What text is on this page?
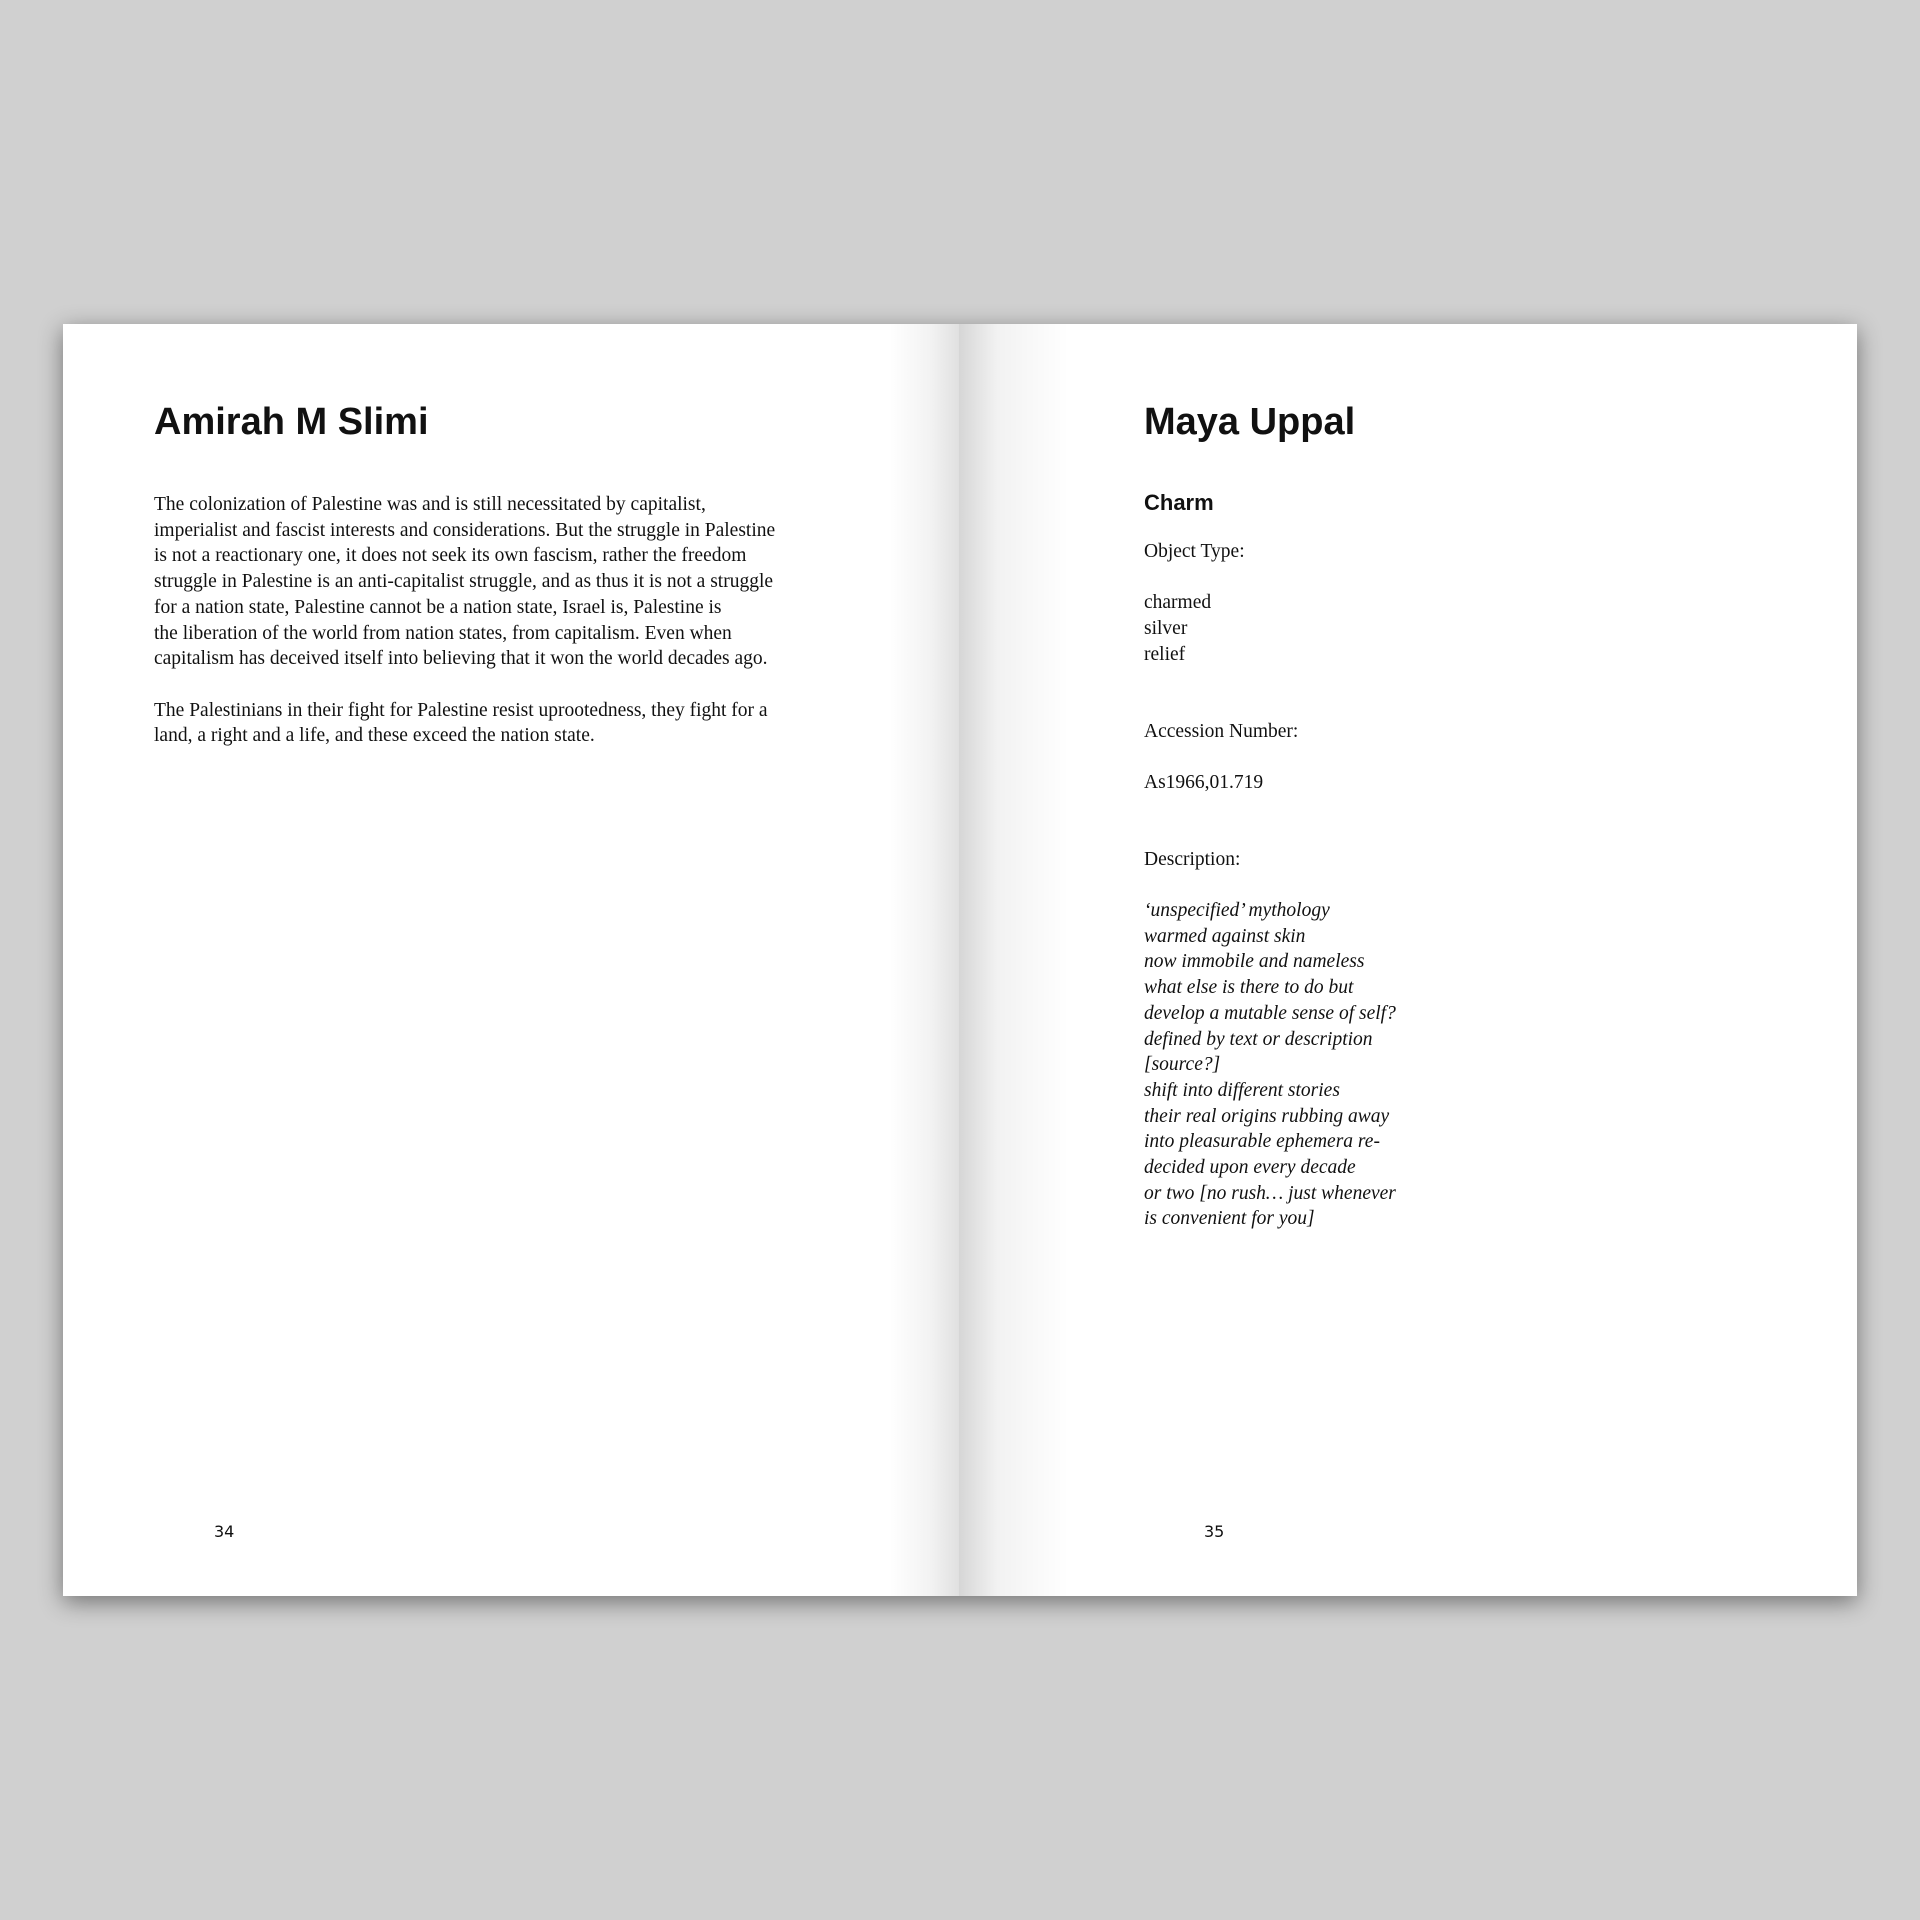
Amirah M Slimi

The colonization of Palestine was and is still necessitated by capitalist,
imperialist and fascist interests and considerations. But the struggle in Palestine
is not a reactionary one, it does not seek its own fascism, rather the freedom
struggle in Palestine is an anti-capitalist struggle, and as thus it is not a struggle
for a nation state, Palestine cannot be a nation state, Israel is, Palestine is
the liberation of the world from nation states, from capitalism. Even when
capitalism has deceived itself into believing that it won the world decades ago.

The Palestinians in their fight for Palestine resist uprootedness, they fight for a
land, a right and a life, and these exceed the nation state.

34
Maya Uppal
Charm

Object Type:

charmed
silver
relief

Accession Number:

As1966,01.719

Description:

‘unspecified’ mythology
warmed against skin
now immobile and nameless
what else is there to do but
develop a mutable sense of self?
defined by text or description
[source?]
shift into different stories
their real origins rubbing away
into pleasurable ephemera re-
decided upon every decade
or two [no rush… just whenever
is convenient for you]

35
